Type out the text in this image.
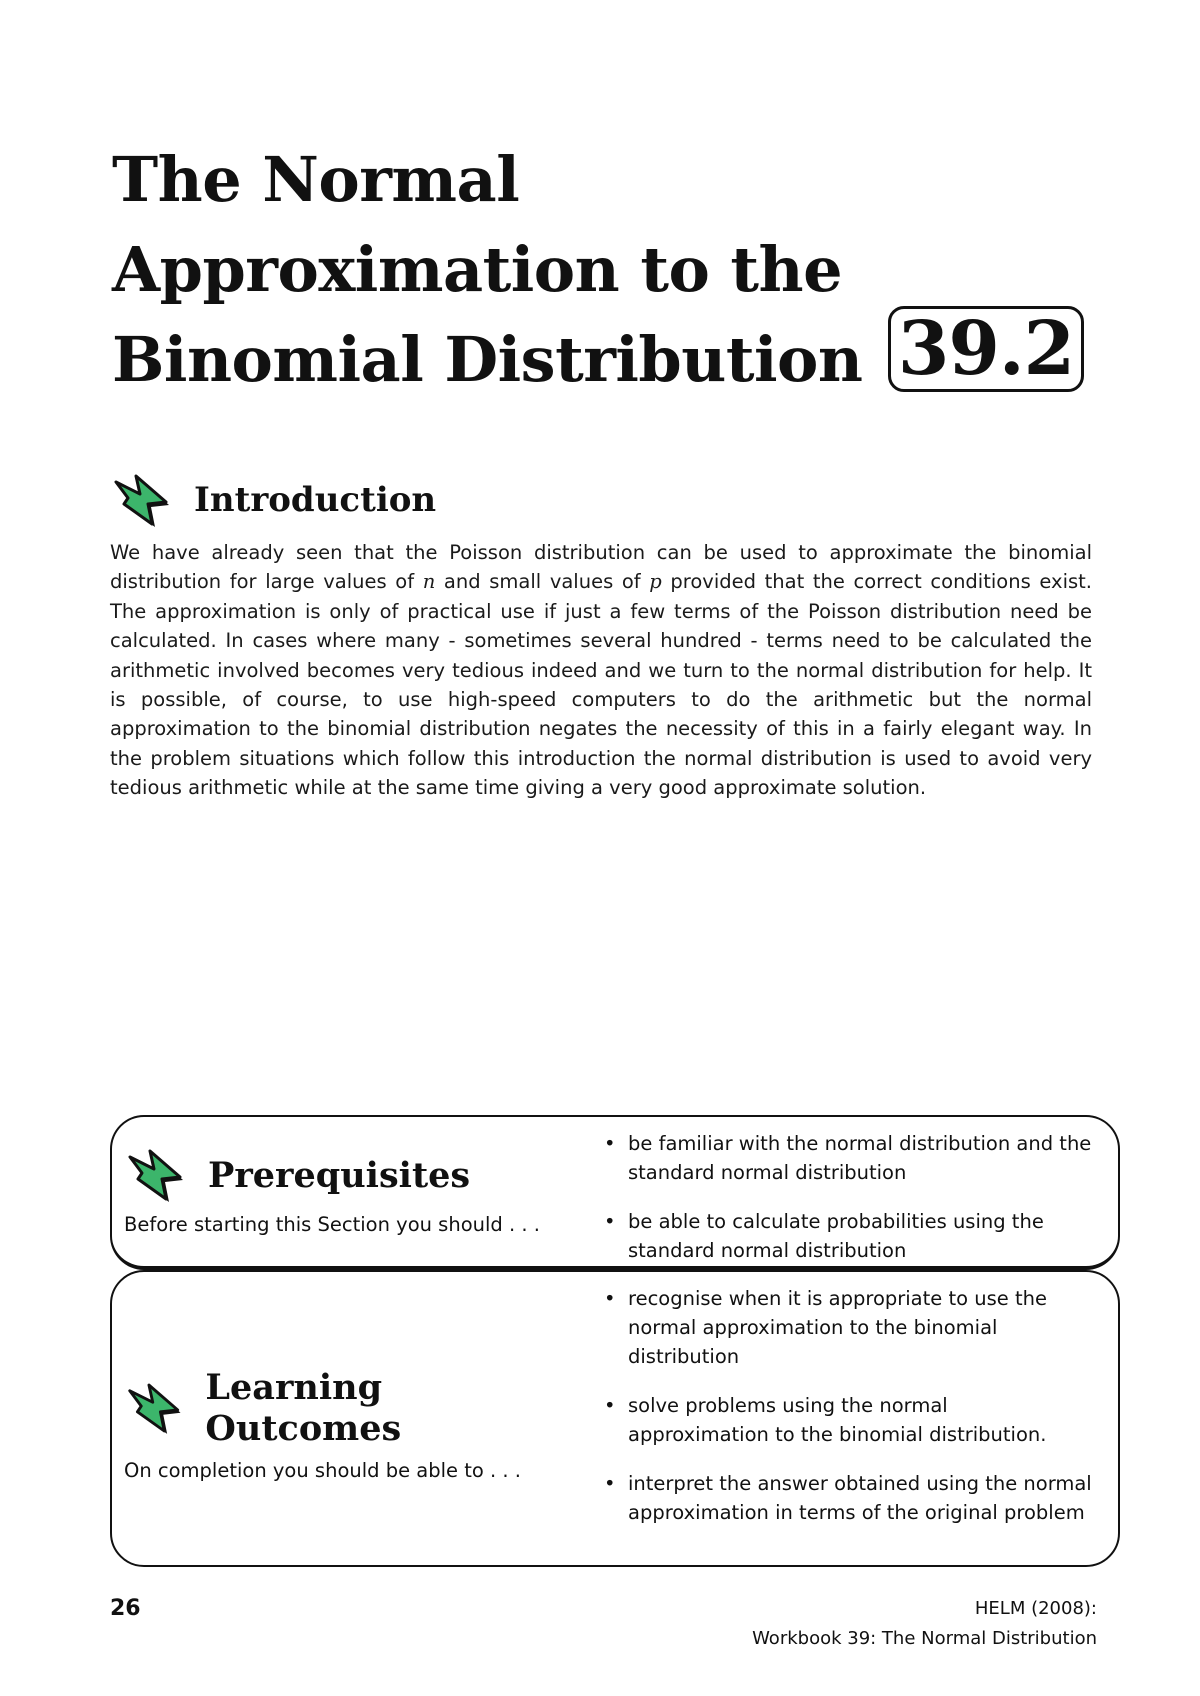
The Normal
Approximation to the
Binomial Distribution 39.2
Introduction

We have already seen that the Poisson distribution can be used to approximate the binomial distribution for large values of n and small values of p provided that the correct conditions exist. The approximation is only of practical use if just a few terms of the Poisson distribution need be calculated. In cases where many - sometimes several hundred - terms need to be calculated the arithmetic involved becomes very tedious indeed and we turn to the normal distribution for help. It is possible, of course, to use high-speed computers to do the arithmetic but the normal approximation to the binomial distribution negates the necessity of this in a fairly elegant way. In the problem situations which follow this introduction the normal distribution is used to avoid very tedious arithmetic while at the same time giving a very good approximate solution.

Prerequisites
Before starting this Section you should . . .
• be familiar with the normal distribution and the standard normal distribution
• be able to calculate probabilities using the standard normal distribution
Learning Outcomes
On completion you should be able to . . .
• recognise when it is appropriate to use the normal approximation to the binomial distribution
• solve problems using the normal approximation to the binomial distribution.
• interpret the answer obtained using the normal approximation in terms of the original problem
26	HELM (2008):
Workbook 39: The Normal Distribution
